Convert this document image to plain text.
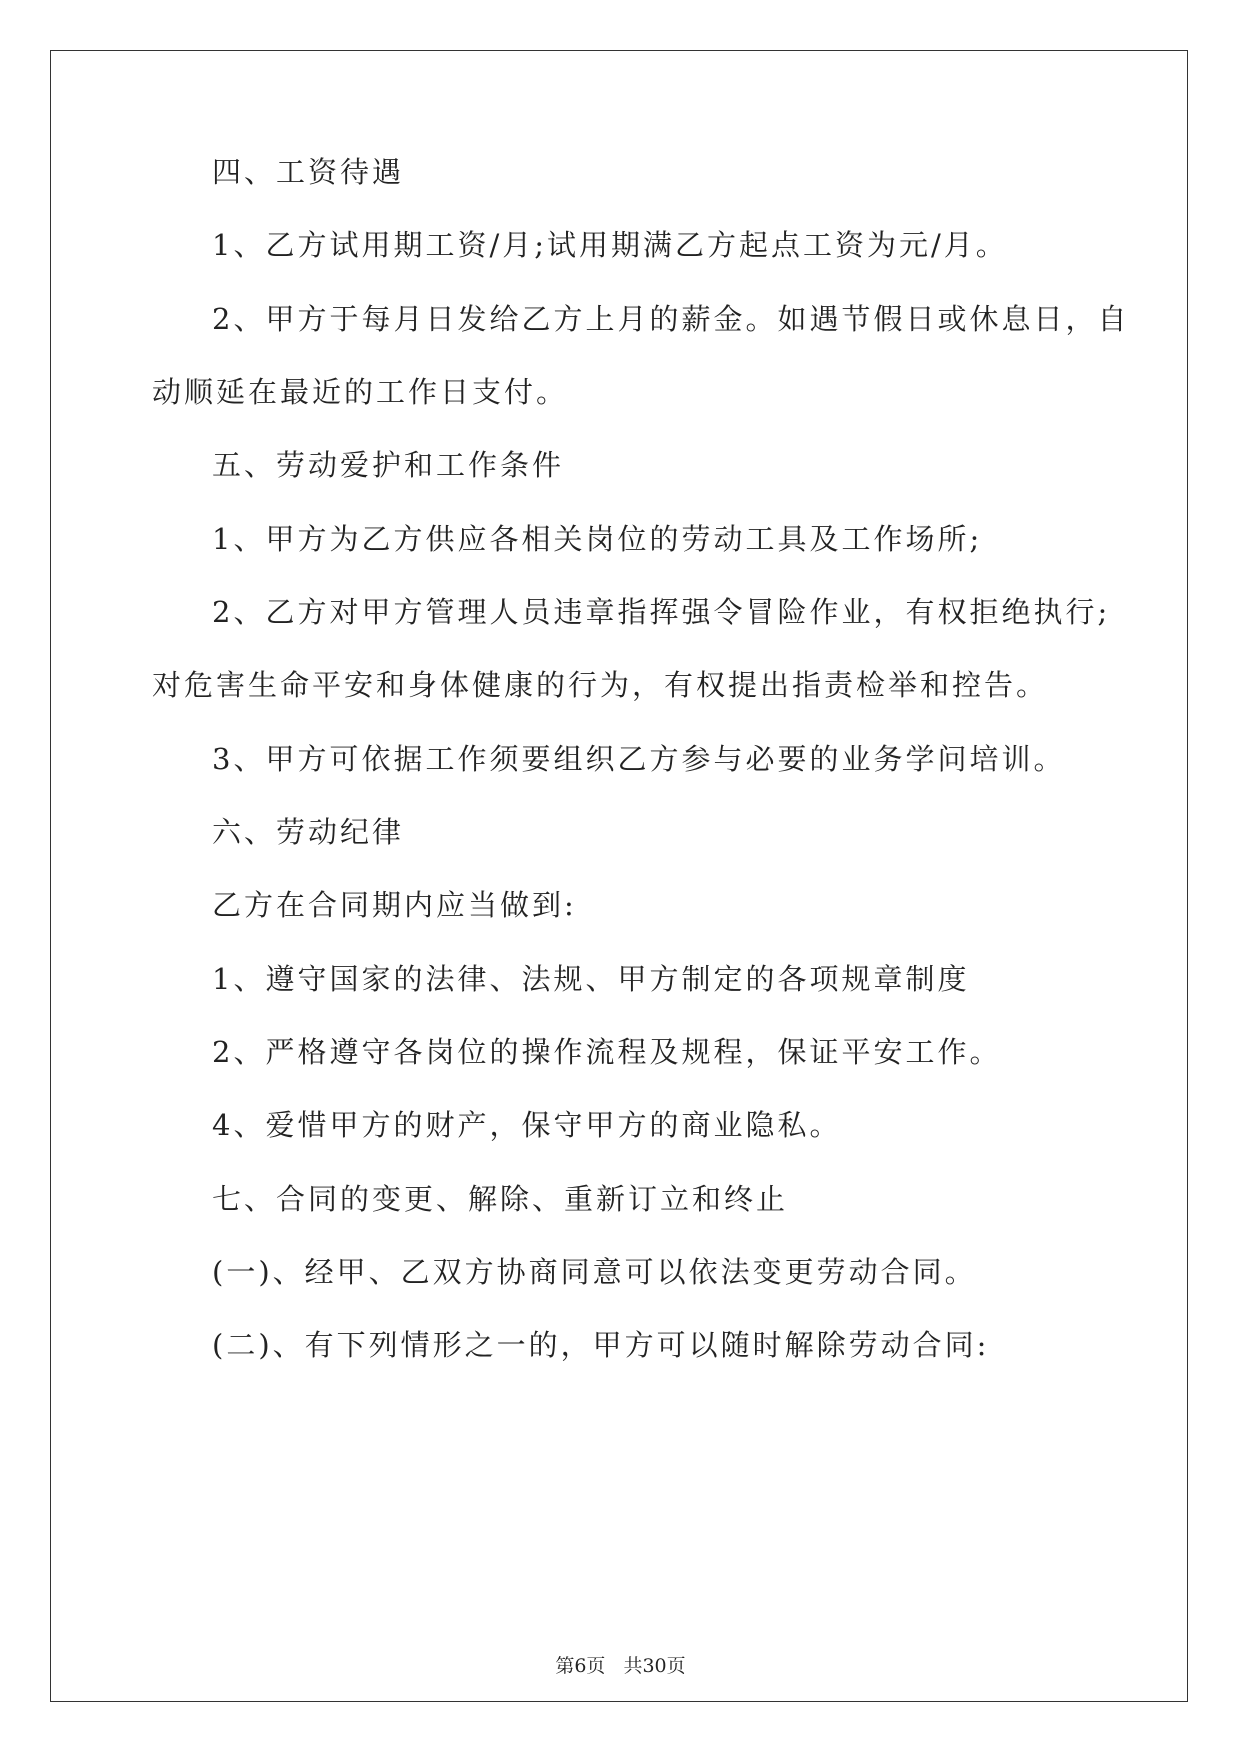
四、工资待遇
1、乙方试用期工资/月;试用期满乙方起点工资为元/月。
2、甲方于每月日发给乙方上月的薪金。如遇节假日或休息日，自
动顺延在最近的工作日支付。
五、劳动爱护和工作条件
1、甲方为乙方供应各相关岗位的劳动工具及工作场所;
2、乙方对甲方管理人员违章指挥强令冒险作业，有权拒绝执行;
对危害生命平安和身体健康的行为，有权提出指责检举和控告。
3、甲方可依据工作须要组织乙方参与必要的业务学问培训。
六、劳动纪律
乙方在合同期内应当做到:
1、遵守国家的法律、法规、甲方制定的各项规章制度
2、严格遵守各岗位的操作流程及规程，保证平安工作。
4、爱惜甲方的财产，保守甲方的商业隐私。
七、合同的变更、解除、重新订立和终止
(一)、经甲、乙双方协商同意可以依法变更劳动合同。
(二)、有下列情形之一的，甲方可以随时解除劳动合同:
第6页 共30页
